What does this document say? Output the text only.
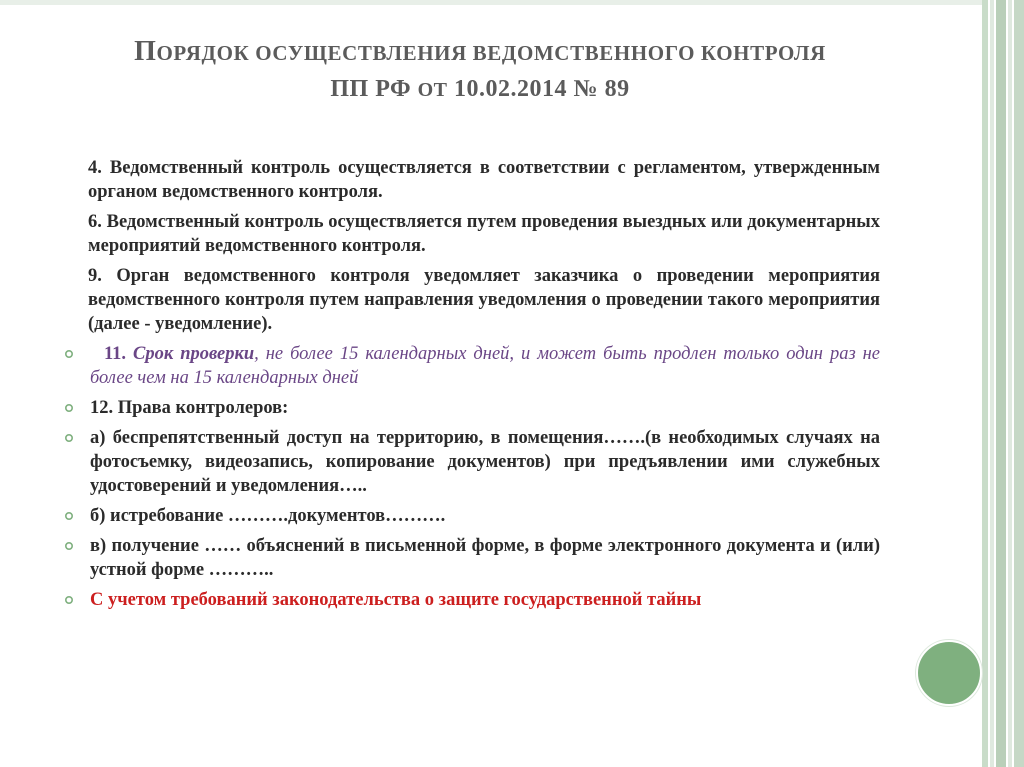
ПОРЯДОК ОСУЩЕСТВЛЕНИЯ ВЕДОМСТВЕННОГО КОНТРОЛЯ
ПП РФ ОТ 10.02.2014 № 89

4. Ведомственный контроль осуществляется в соответствии с регламентом, утвержденным органом ведомственного контроля.

6. Ведомственный контроль осуществляется путем проведения выездных или документарных мероприятий ведомственного контроля.

9. Орган ведомственного контроля уведомляет заказчика о проведении мероприятия ведомственного контроля путем направления уведомления о проведении такого мероприятия (далее - уведомление).

11. Срок проверки, не более 15 календарных дней, и может быть продлен только один раз не более чем на 15 календарных дней
12. Права контролеров:
а) беспрепятственный доступ на территорию, в помещения…….(в необходимых случаях на фотосъемку, видеозапись, копирование документов) при предъявлении ими служебных удостоверений и уведомления…..
б) истребование ……….документов……….
в) получение …… объяснений в письменной форме, в форме электронного документа и (или) устной форме ………..
С учетом требований законодательства о защите государственной тайны
